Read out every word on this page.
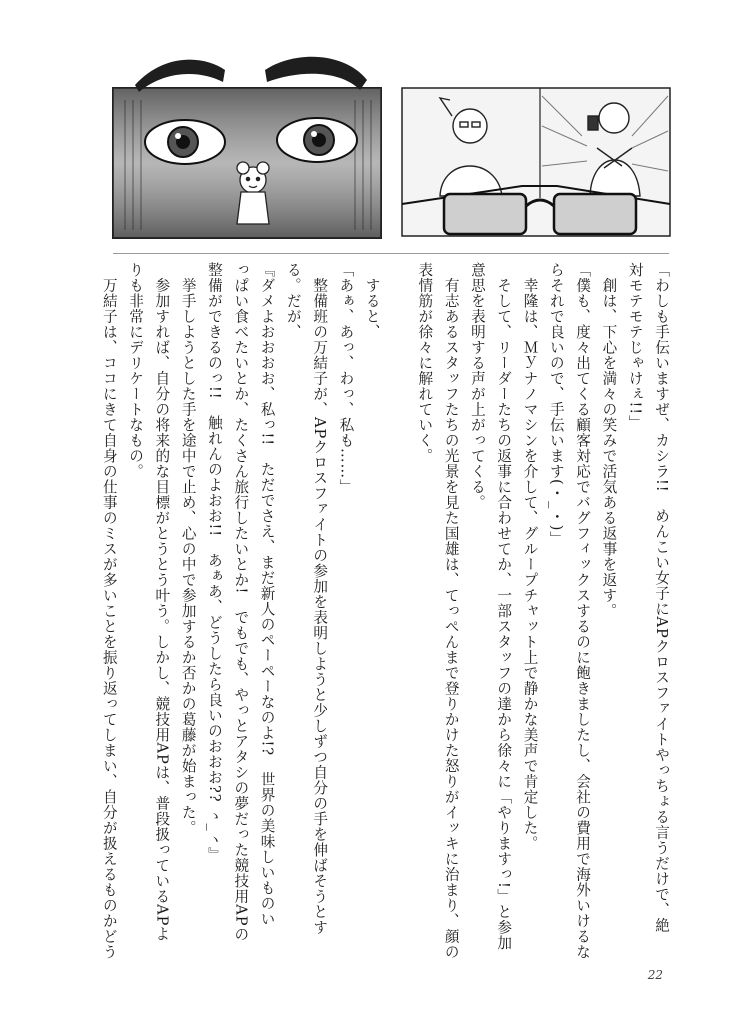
「わしも手伝いますぜ、カシラ!!　めんこい女子にAPクロスファイトやっちょる言うだけで、絶

対モテモテじゃけぇ!!」

　創は、下心を満々の笑みで活気ある返事を返す。

「僕も、度々出てくる顧客対応でバグフィックスするのに飽きましたし、会社の費用で海外いけるな

らそれで良いので、手伝います(・_・)」

　幸隆は、Ｍｙナノマシンを介して、グループチャット上で静かな美声で肯定した。

　そして、リーダーたちの返事に合わせてか、一部スタッフの達から徐々に「やりますっ!」と参加

意思を表明する声が上がってくる。

　有志あるスタッフたちの光景を見た国雄は、てっぺんまで登りかけた怒りがイッキに治まり、顔の

表情筋が徐々に解れていく。

　すると、

「あぁ、あっ、わっ、私も……」

　整備班の万結子が、APクロスファイトの参加を表明しようと少しずつ自分の手を伸ばそうとす

る。だが、

『ダメよおおおお、私っ!!　ただでさえ、まだ新人のペーペーなのよ!?　世界の美味しいものい

っぱい食べたいとか、たくさん旅行したいとか!　でもでも、やっとアタシの夢だった競技用APの

整備ができるのっ!!　触れんのよおお!!　あぁあ、どうしたら良いのおおお?? ゝ_ヽ』

　挙手しようとした手を途中で止め、心の中で参加するか否かの葛藤が始まった。

　参加すれば、自分の将来的な目標がとうとう叶う。しかし、競技用APは、普段扱っているAPよ

りも非常にデリケートなもの。

　万結子は、ココにきて自身の仕事のミスが多いことを振り返ってしまい、自分が扱えるものかどう

22
